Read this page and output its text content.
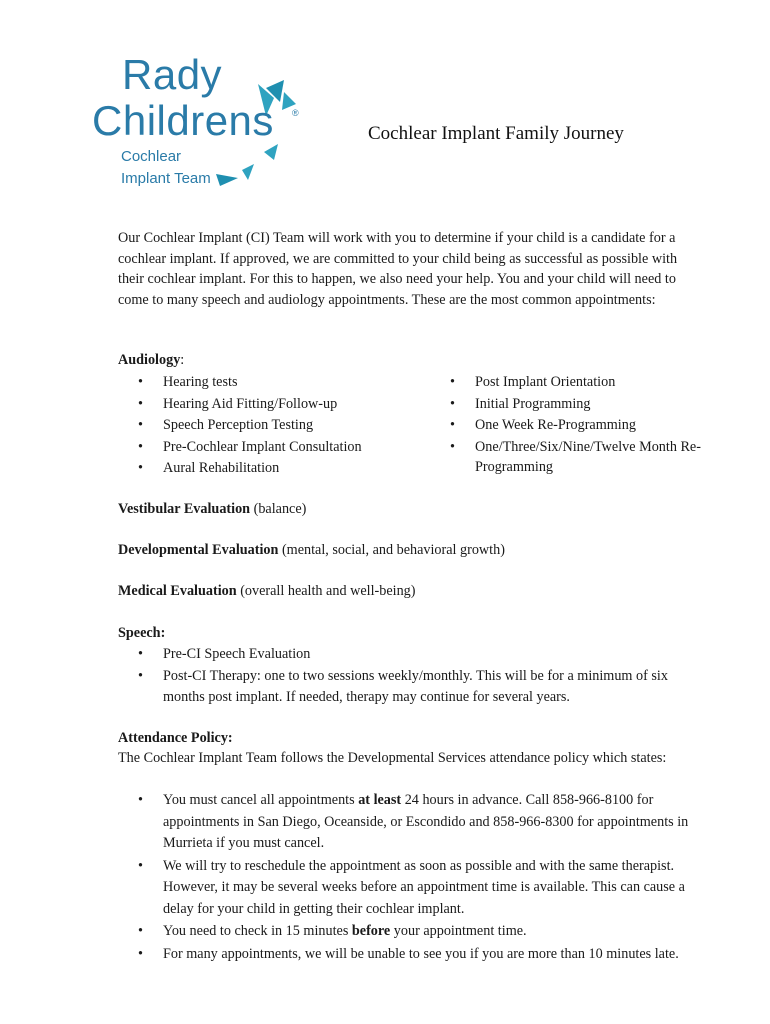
Rady
Childrens ®
Cochlear
Implant Team
Cochlear Implant Family Journey
Our Cochlear Implant (CI) Team will work with you to determine if your child is a candidate for a cochlear implant. If approved, we are committed to your child being as successful as possible with their cochlear implant. For this to happen, we also need your help. You and your child will need to come to many speech and audiology appointments. These are the most common appointments:
Audiology:
• Hearing tests
• Hearing Aid Fitting/Follow-up
• Speech Perception Testing
• Pre-Cochlear Implant Consultation
• Aural Rehabilitation
• Post Implant Orientation
• Initial Programming
• One Week Re-Programming
• One/Three/Six/Nine/Twelve Month Re-Programming
Vestibular Evaluation (balance)
Developmental Evaluation (mental, social, and behavioral growth)
Medical Evaluation (overall health and well-being)
Speech:
• Pre-CI Speech Evaluation
• Post-CI Therapy: one to two sessions weekly/monthly. This will be for a minimum of six months post implant. If needed, therapy may continue for several years.
Attendance Policy:
The Cochlear Implant Team follows the Developmental Services attendance policy which states:
• You must cancel all appointments at least 24 hours in advance. Call 858-966-8100 for appointments in San Diego, Oceanside, or Escondido and 858-966-8300 for appointments in Murrieta if you must cancel.
• We will try to reschedule the appointment as soon as possible and with the same therapist. However, it may be several weeks before an appointment time is available. This can cause a delay for your child in getting their cochlear implant.
• You need to check in 15 minutes before your appointment time.
• For many appointments, we will be unable to see you if you are more than 10 minutes late.
